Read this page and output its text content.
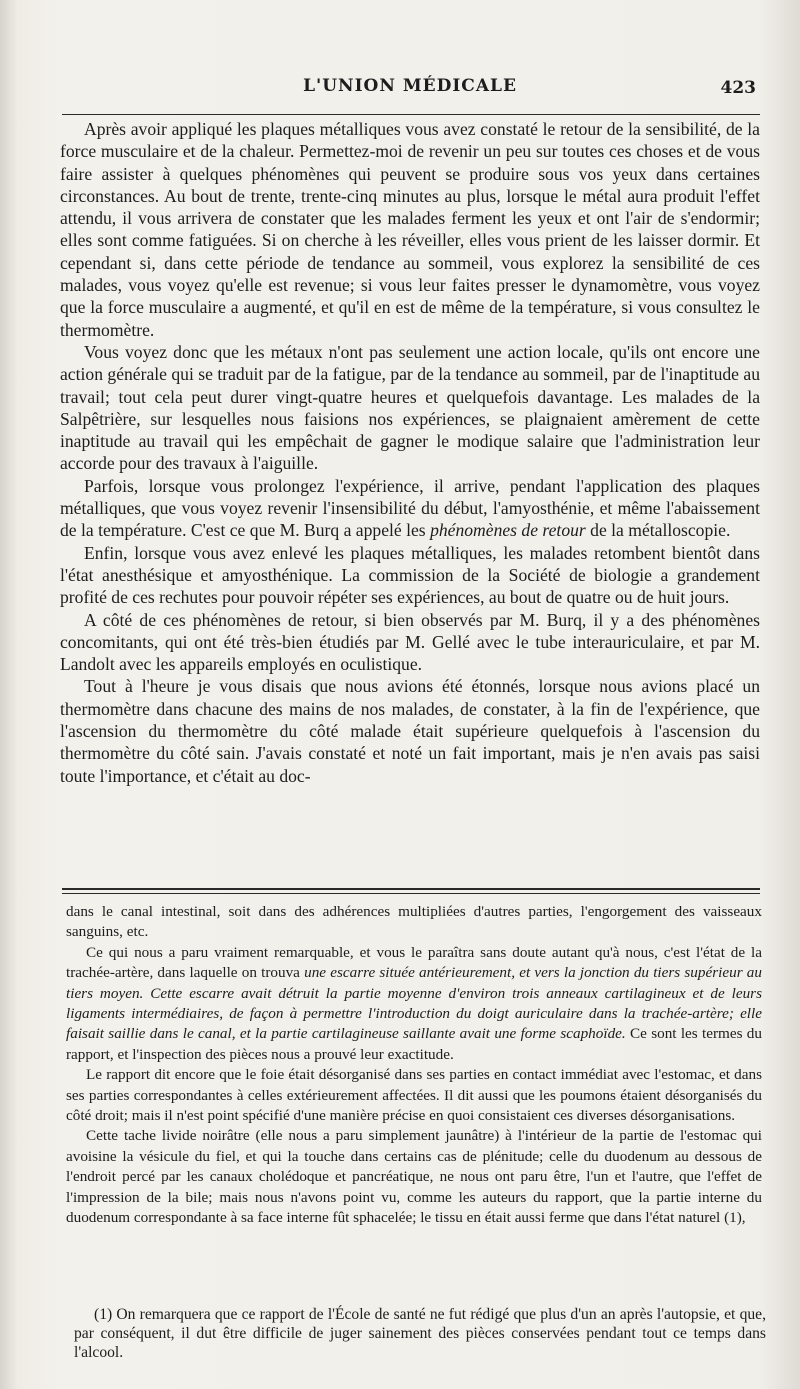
L'UNION MÉDICALE	423

Après avoir appliqué les plaques métalliques vous avez constaté le retour de la sensibilité, de la force musculaire et de la chaleur. Permettez-moi de revenir un peu sur toutes ces choses et de vous faire assister à quelques phénomènes qui peuvent se produire sous vos yeux dans certaines circonstances. Au bout de trente, trente-cinq minutes au plus, lorsque le métal aura produit l'effet attendu, il vous arrivera de constater que les malades ferment les yeux et ont l'air de s'endormir; elles sont comme fatiguées. Si on cherche à les réveiller, elles vous prient de les laisser dormir. Et cependant si, dans cette période de tendance au sommeil, vous explorez la sensibilité de ces malades, vous voyez qu'elle est revenue; si vous leur faites presser le dynamomètre, vous voyez que la force musculaire a augmenté, et qu'il en est de même de la température, si vous consultez le thermomètre.

Vous voyez donc que les métaux n'ont pas seulement une action locale, qu'ils ont encore une action générale qui se traduit par de la fatigue, par de la tendance au sommeil, par de l'inaptitude au travail; tout cela peut durer vingt-quatre heures et quelquefois davantage. Les malades de la Salpêtrière, sur lesquelles nous faisions nos expériences, se plaignaient amèrement de cette inaptitude au travail qui les empêchait de gagner le modique salaire que l'administration leur accorde pour des travaux à l'aiguille.

Parfois, lorsque vous prolongez l'expérience, il arrive, pendant l'application des plaques métalliques, que vous voyez revenir l'insensibilité du début, l'amyosthénie, et même l'abaissement de la température. C'est ce que M. Burq a appelé les phénomènes de retour de la métalloscopie.

Enfin, lorsque vous avez enlevé les plaques métalliques, les malades retombent bientôt dans l'état anesthésique et amyosthénique. La commission de la Société de biologie a grandement profité de ces rechutes pour pouvoir répéter ses expériences, au bout de quatre ou de huit jours.

A côté de ces phénomènes de retour, si bien observés par M. Burq, il y a des phénomènes concomitants, qui ont été très-bien étudiés par M. Gellé avec le tube interauriculaire, et par M. Landolt avec les appareils employés en oculistique.

Tout à l'heure je vous disais que nous avions été étonnés, lorsque nous avions placé un thermomètre dans chacune des mains de nos malades, de constater, à la fin de l'expérience, que l'ascension du thermomètre du côté malade était supérieure quelquefois à l'ascension du thermomètre du côté sain. J'avais constaté et noté un fait important, mais je n'en avais pas saisi toute l'importance, et c'était au doc-

dans le canal intestinal, soit dans des adhérences multipliées d'autres parties, l'engorgement des vaisseaux sanguins, etc.

Ce qui nous a paru vraiment remarquable, et vous le paraîtra sans doute autant qu'à nous, c'est l'état de la trachée-artère, dans laquelle on trouva une escarre située antérieurement, et vers la jonction du tiers supérieur au tiers moyen. Cette escarre avait détruit la partie moyenne d'environ trois anneaux cartilagineux et de leurs ligaments intermédiaires, de façon à permettre l'introduction du doigt auriculaire dans la trachée-artère; elle faisait saillie dans le canal, et la partie cartilagineuse saillante avait une forme scaphoïde. Ce sont les termes du rapport, et l'inspection des pièces nous a prouvé leur exactitude.

Le rapport dit encore que le foie était désorganisé dans ses parties en contact immédiat avec l'estomac, et dans ses parties correspondantes à celles extérieurement affectées. Il dit aussi que les poumons étaient désorganisés du côté droit; mais il n'est point spécifié d'une manière précise en quoi consistaient ces diverses désorganisations.

Cette tache livide noirâtre (elle nous a paru simplement jaunâtre) à l'intérieur de la partie de l'estomac qui avoisine la vésicule du fiel, et qui la touche dans certains cas de plénitude; celle du duodenum au dessous de l'endroit percé par les canaux cholédoque et pancréatique, ne nous ont paru être, l'un et l'autre, que l'effet de l'impression de la bile; mais nous n'avons point vu, comme les auteurs du rapport, que la partie interne du duodenum correspondante à sa face interne fût sphacelée; le tissu en était aussi ferme que dans l'état naturel (1),

(1) On remarquera que ce rapport de l'École de santé ne fut rédigé que plus d'un an après l'autopsie, et que, par conséquent, il dut être difficile de juger sainement des pièces conservées pendant tout ce temps dans l'alcool.
